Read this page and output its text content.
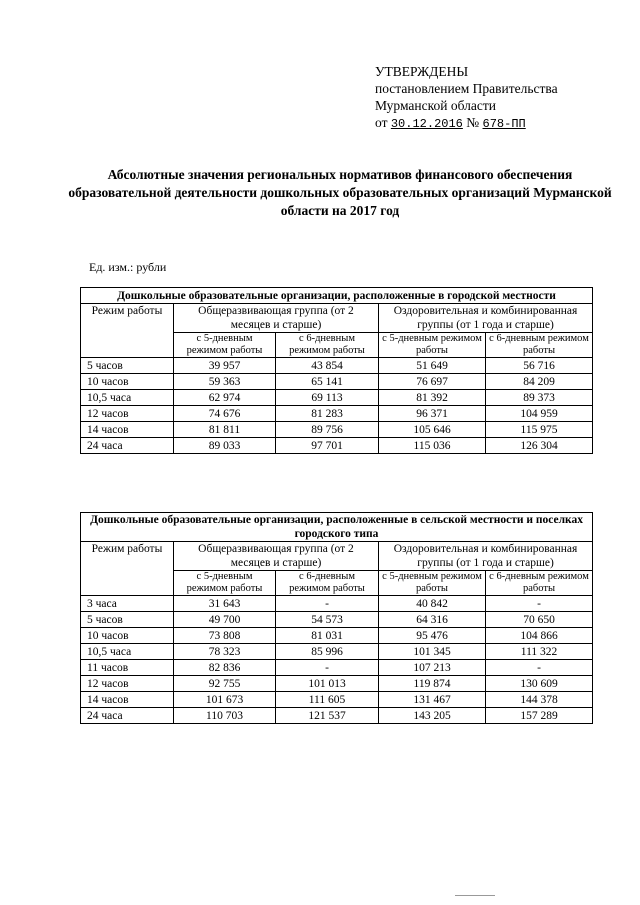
УТВЕРЖДЕНЫ
постановлением Правительства
Мурманской области
от 30.12.2016 № 678-ПП
Абсолютные значения региональных нормативов финансового обеспечения образовательной деятельности дошкольных образовательных организаций Мурманской области на 2017 год
Ед. изм.: рубли
Дошкольные образовательные организации, расположенные в городской местности				
Режим работы	Общеразвивающая группа (от 2 месяцев и старше)		Оздоровительная и комбинированная группы (от 1 года и старше)	
	с 5-дневным режимом работы	с 6-дневным режимом работы	с 5-дневным режимом работы	с 6-дневным режимом работы
5 часов	39 957	43 854	51 649	56 716
10 часов	59 363	65 141	76 697	84 209
10,5 часа	62 974	69 113	81 392	89 373
12 часов	74 676	81 283	96 371	104 959
14 часов	81 811	89 756	105 646	115 975
24 часа	89 033	97 701	115 036	126 304
Дошкольные образовательные организации, расположенные в сельской местности и поселках городского типа				
Режим работы	Общеразвивающая группа (от 2 месяцев и старше)		Оздоровительная и комбинированная группы (от 1 года и старше)	
	с 5-дневным режимом работы	с 6-дневным режимом работы	с 5-дневным режимом работы	с 6-дневным режимом работы
3 часа	31 643	-	40 842	-
5 часов	49 700	54 573	64 316	70 650
10 часов	73 808	81 031	95 476	104 866
10,5 часа	78 323	85 996	101 345	111 322
11 часов	82 836	-	107 213	-
12 часов	92 755	101 013	119 874	130 609
14 часов	101 673	111 605	131 467	144 378
24 часа	110 703	121 537	143 205	157 289
